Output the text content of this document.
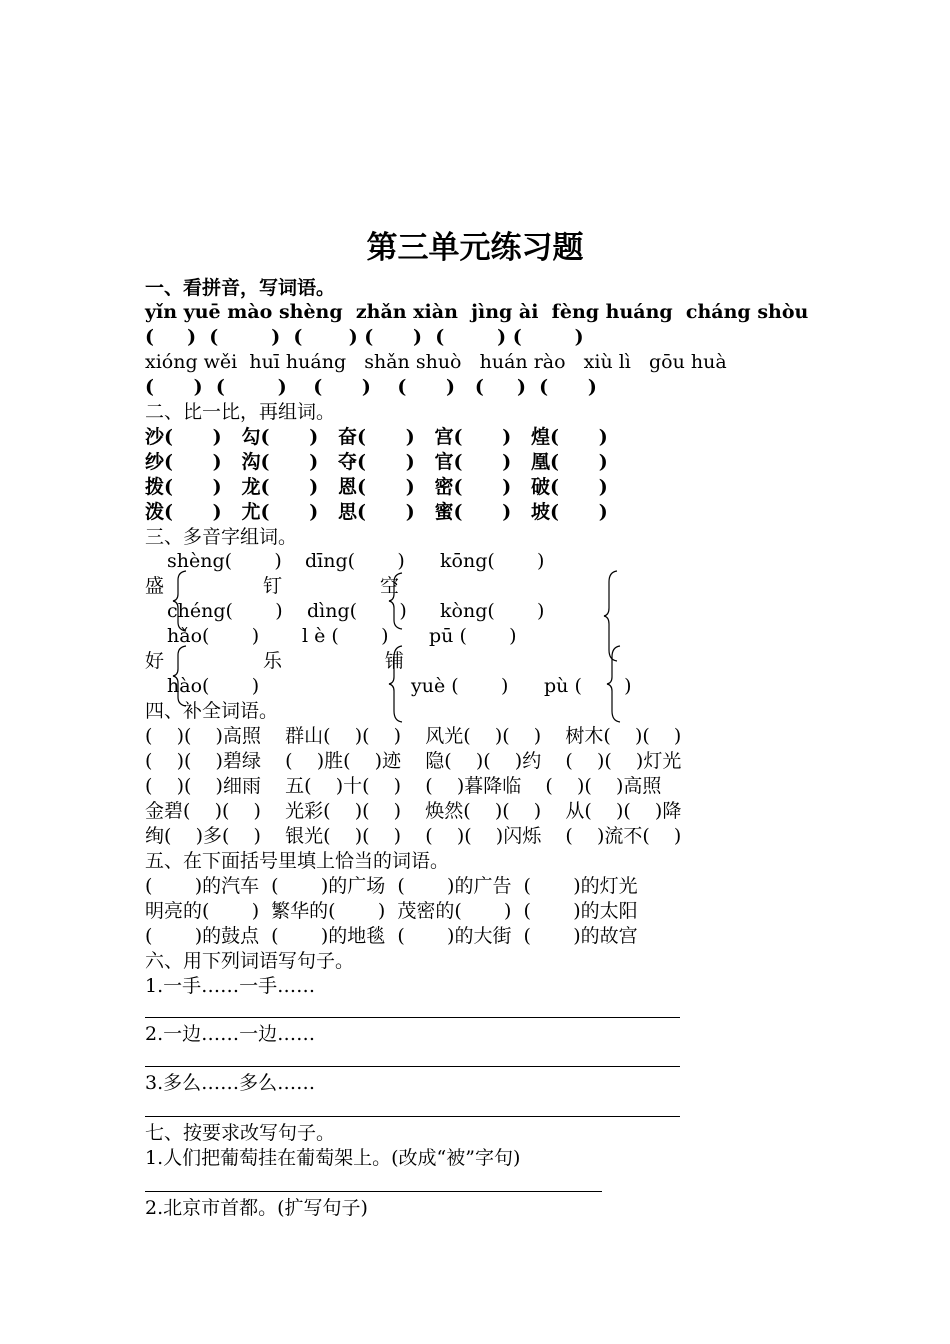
第三单元练习题
一、看拼音，写词语。
yǐn yuē mào shèng  zhǎn xiàn  jìng ài  fèng huáng  cháng shòu
(     )  (        )  (       ) (      )  (        ) (        )
xióng wěi  huī huáng   shǎn shuò   huán rào   xiù lì   gōu huà
(      )  (        )    (      )    (      )   (     )  (      )
二、比一比，再组词。
沙(      )   勾(      )   奋(      )   宫(      )   煌(      )
纱(      )   沟(      )   夺(      )   官(      )   凰(      )
拨(      )   龙(      )   恩(      )   密(      )   破(      )
泼(      )   尤(      )   思(      )   蜜(      )   坡(      )
三、多音字组词。
shèng(       ) dīng(       ) kōng(       )
盛	钉	空
chéng(       ) dìng(       ) kòng(       )
hǎo(       ) l è (       ) pū (       )
好	乐	铺
hào(       )	yuè (       ) pù (       )
四、补全词语。
(    )(    )高照    群山(    )(    )    风光(    )(    )    树木(    )(    )
(    )(    )碧绿    (    )胜(    )迹    隐(    )(    )约    (    )(    )灯光
(    )(    )细雨    五(    )十(    )    (    )暮降临    (    )(    )高照
金碧(    )(    )    光彩(    )(    )    焕然(    )(    )    从(    )(    )降
绚(    )多(    )    银光(    )(    )    (    )(    )闪烁    (    )流不(    )
五、在下面括号里填上恰当的词语。
(       )的汽车  (       )的广场  (       )的广告  (       )的灯光
明亮的(       )  繁华的(       )  茂密的(       )  (       )的太阳
(       )的鼓点  (       )的地毯  (       )的大街  (       )的故宫
六、用下列词语写句子。
1.一手……一手……
2.一边……一边……
3.多么……多么……
七、按要求改写句子。
1.人们把葡萄挂在葡萄架上。(改成“被”字句)
2.北京市首都。(扩写句子)
